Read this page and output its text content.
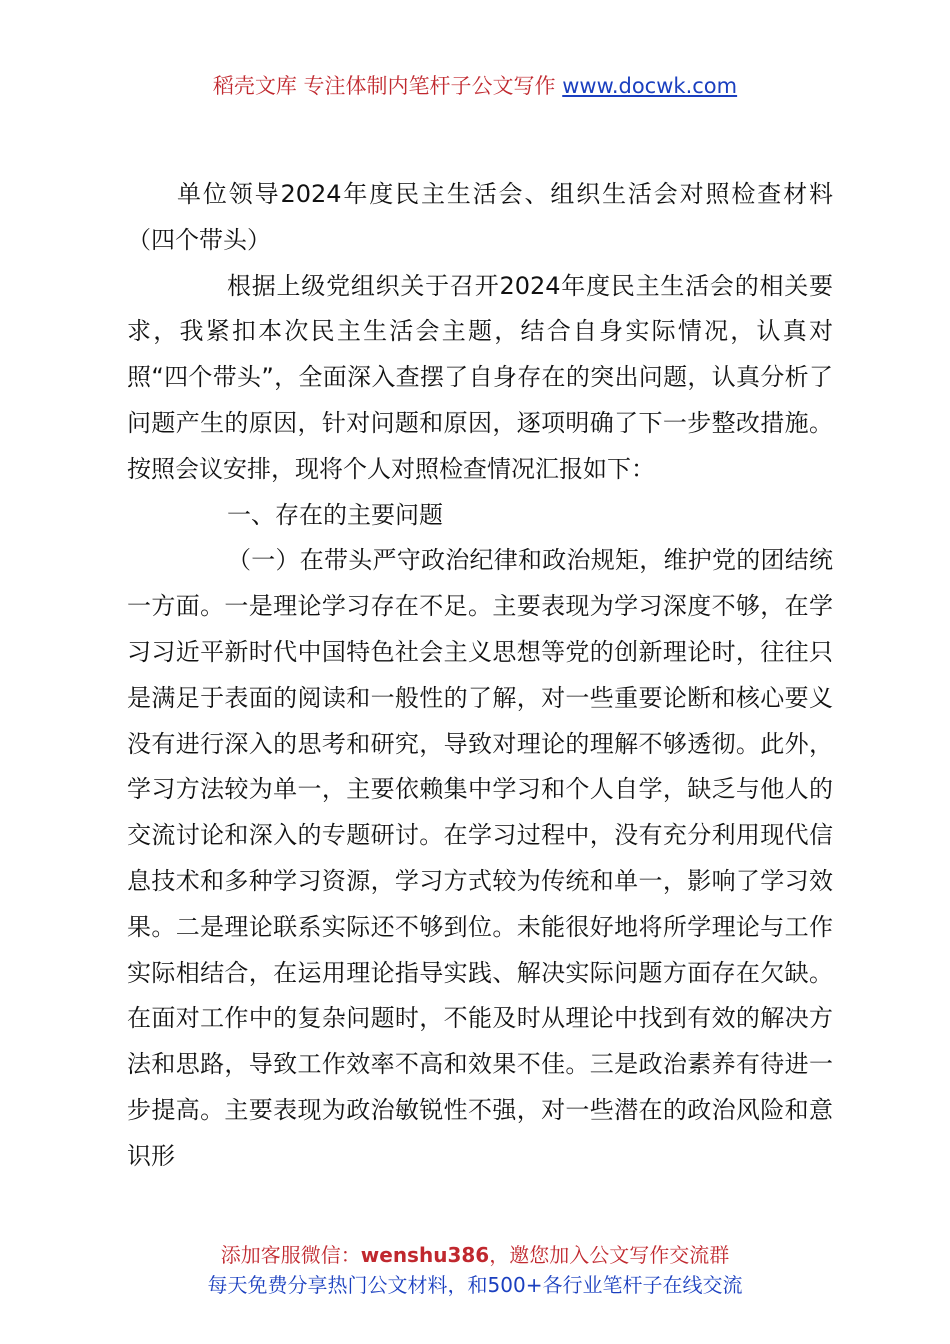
稻壳文库 专注体制内笔杆子公文写作 www.docwk.com

单位领导2024年度民主生活会、组织生活会对照检查材料（四个带头）

根据上级党组织关于召开2024年度民主生活会的相关要求，我紧扣本次民主生活会主题，结合自身实际情况，认真对照“四个带头”，全面深入查摆了自身存在的突出问题，认真分析了问题产生的原因，针对问题和原因，逐项明确了下一步整改措施。按照会议安排，现将个人对照检查情况汇报如下：

一、存在的主要问题

（一）在带头严守政治纪律和政治规矩，维护党的团结统一方面。一是理论学习存在不足。主要表现为学习深度不够，在学习习近平新时代中国特色社会主义思想等党的创新理论时，往往只是满足于表面的阅读和一般性的了解，对一些重要论断和核心要义没有进行深入的思考和研究，导致对理论的理解不够透彻。此外，学习方法较为单一，主要依赖集中学习和个人自学，缺乏与他人的交流讨论和深入的专题研讨。在学习过程中，没有充分利用现代信息技术和多种学习资源，学习方式较为传统和单一，影响了学习效果。二是理论联系实际还不够到位。未能很好地将所学理论与工作实际相结合，在运用理论指导实践、解决实际问题方面存在欠缺。在面对工作中的复杂问题时，不能及时从理论中找到有效的解决方法和思路，导致工作效率不高和效果不佳。三是政治素养有待进一步提高。主要表现为政治敏锐性不强，对一些潜在的政治风险和意识形

添加客服微信：wenshu386，邀您加入公文写作交流群
每天免费分享热门公文材料，和500+各行业笔杆子在线交流
